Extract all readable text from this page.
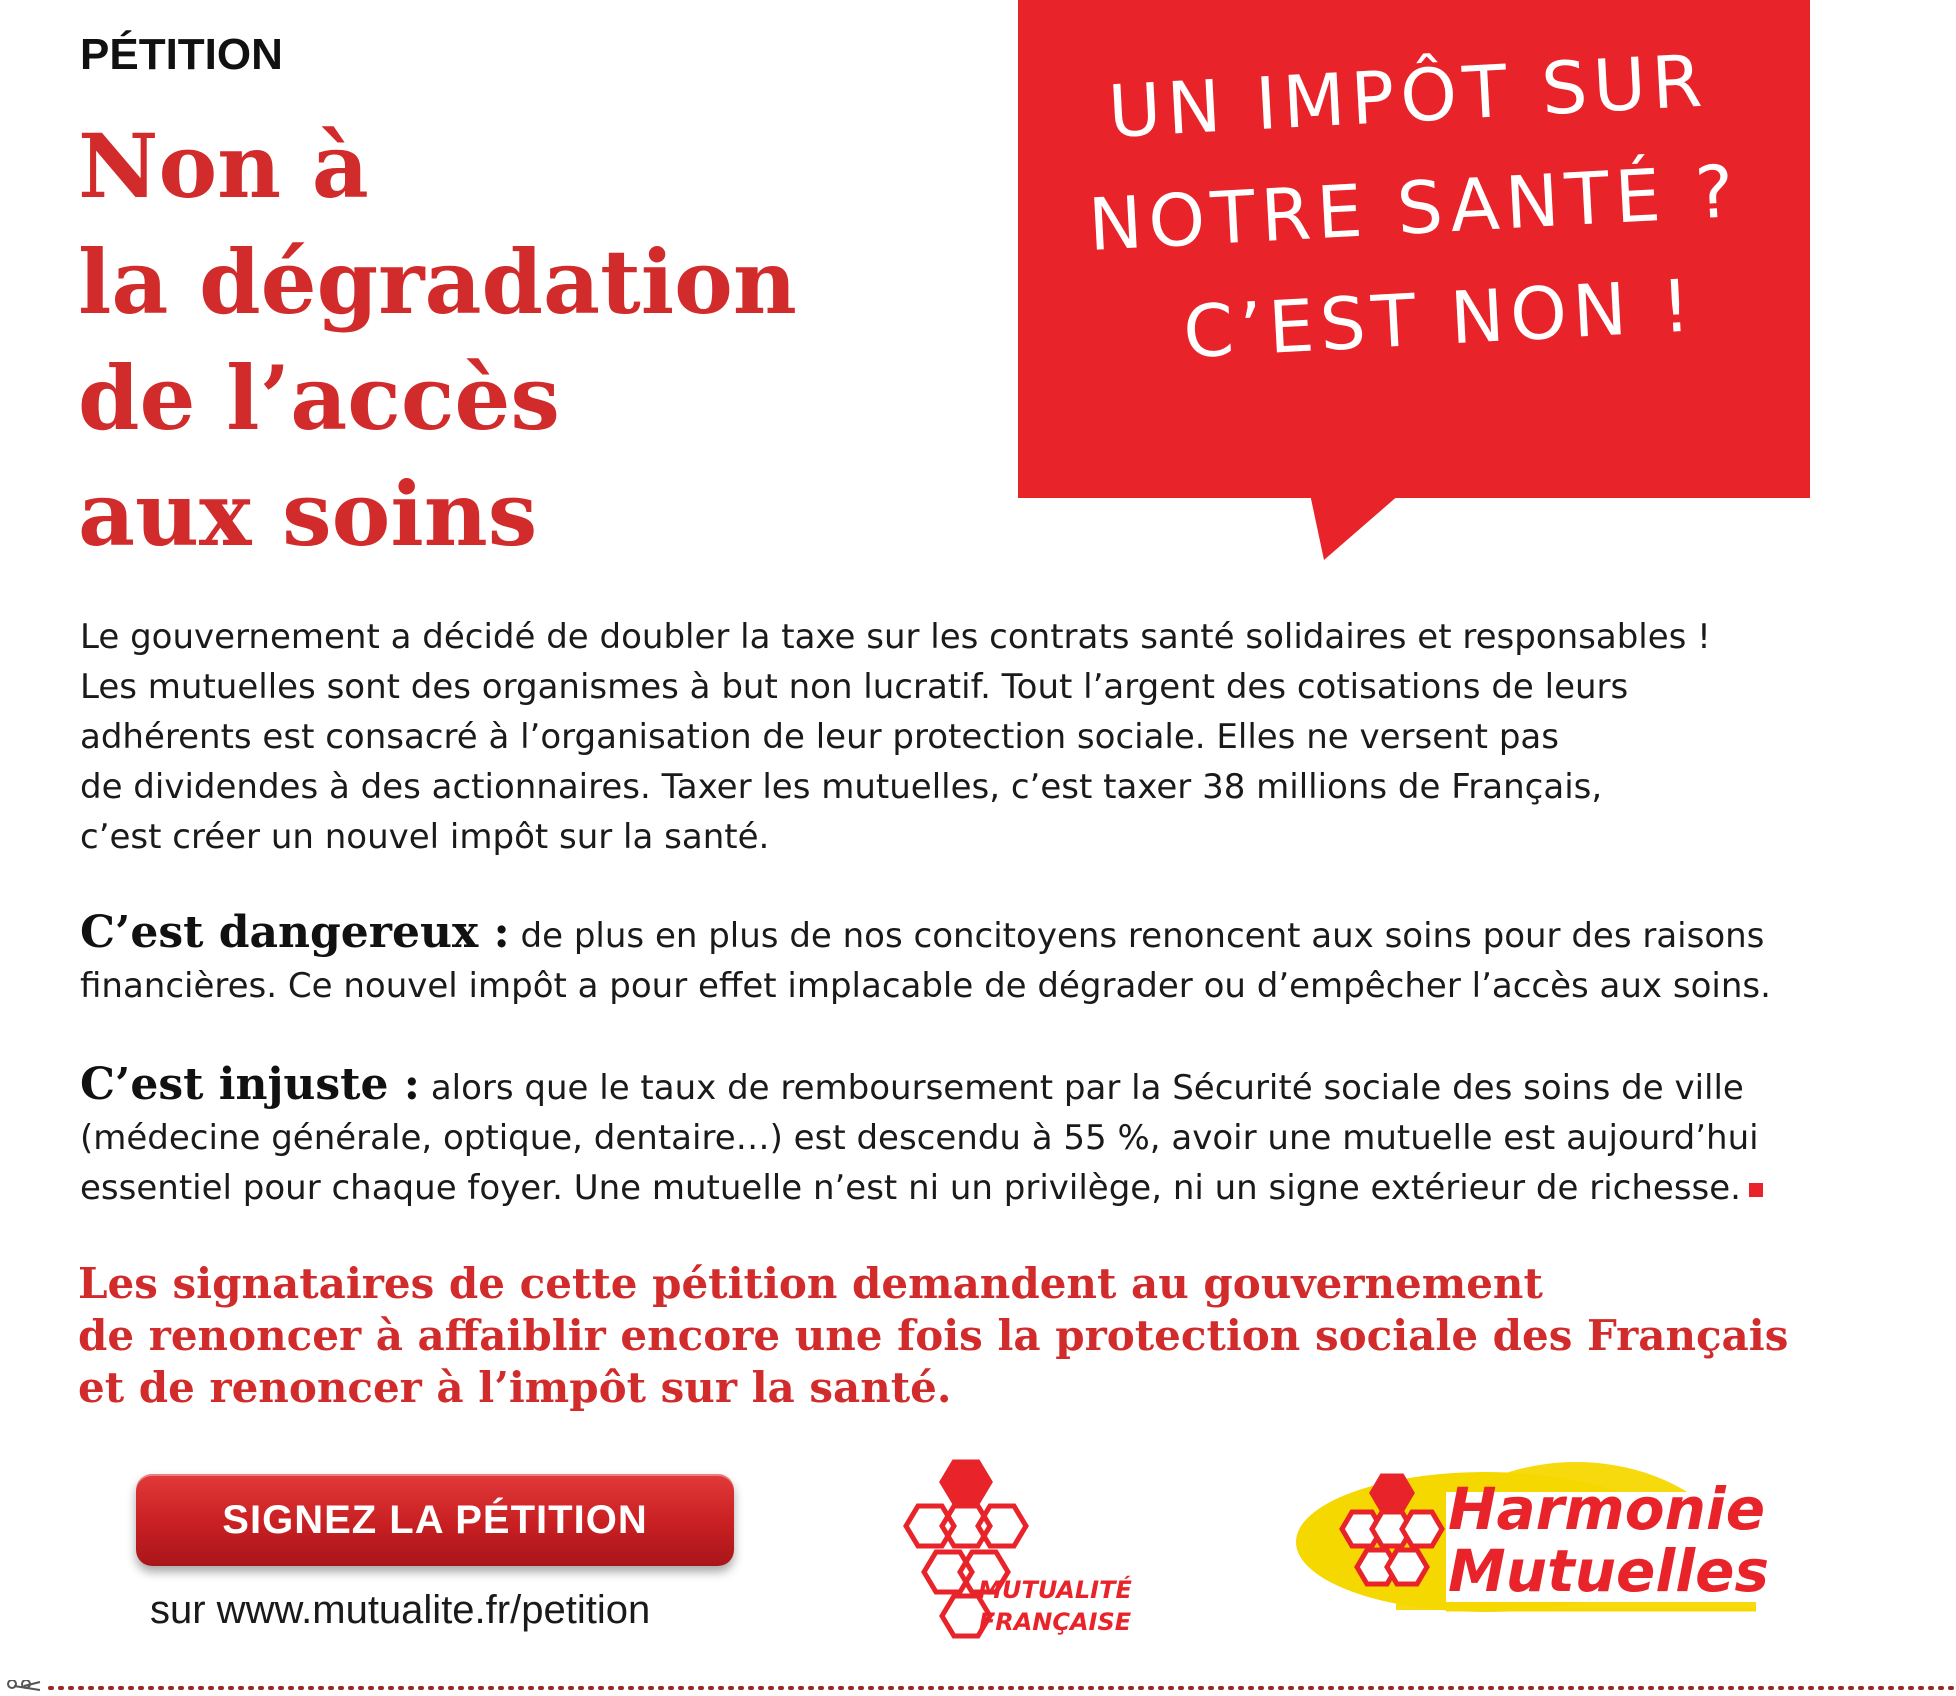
PÉTITION
Non à
la dégradation
de l’accès
aux soins
UN IMPÔT SUR
NOTRE SANTÉ ?
C’EST NON !
Le gouvernement a décidé de doubler la taxe sur les contrats santé solidaires et responsables !
Les mutuelles sont des organismes à but non lucratif. Tout l’argent des cotisations de leurs
adhérents est consacré à l’organisation de leur protection sociale. Elles ne versent pas
de dividendes à des actionnaires. Taxer les mutuelles, c’est taxer 38 millions de Français,
c’est créer un nouvel impôt sur la santé.
C’est dangereux : de plus en plus de nos concitoyens renoncent aux soins pour des raisons
financières. Ce nouvel impôt a pour effet implacable de dégrader ou d’empêcher l’accès aux soins.
C’est injuste : alors que le taux de remboursement par la Sécurité sociale des soins de ville
(médecine générale, optique, dentaire…) est descendu à 55 %, avoir une mutuelle est aujourd’hui
essentiel pour chaque foyer. Une mutuelle n’est ni un privilège, ni un signe extérieur de richesse.
Les signataires de cette pétition demandent au gouvernement
de renoncer à affaiblir encore une fois la protection sociale des Français
et de renoncer à l’impôt sur la santé.
SIGNEZ LA PÉTITION
sur www.mutualite.fr/petition	MUTUALITÉ
FRANÇAISE
Harmonie
Mutuelles
